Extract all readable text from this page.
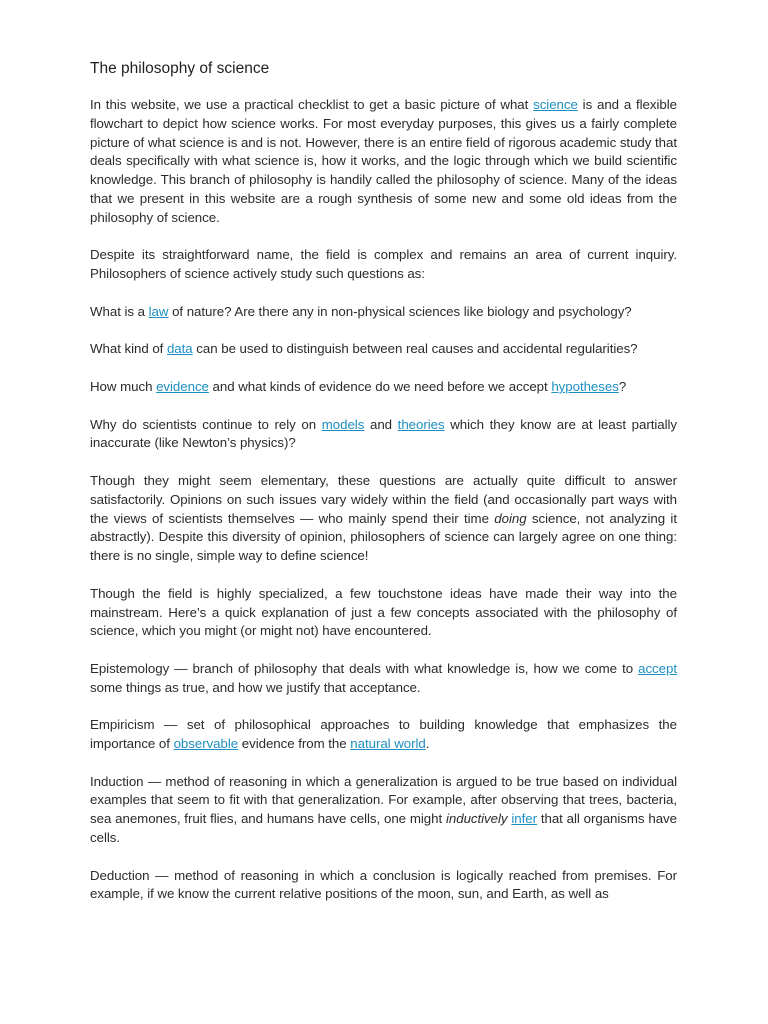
The philosophy of science

In this website, we use a practical checklist to get a basic picture of what science is and a flexible flowchart to depict how science works. For most everyday purposes, this gives us a fairly complete picture of what science is and is not. However, there is an entire field of rigorous academic study that deals specifically with what science is, how it works, and the logic through which we build scientific knowledge. This branch of philosophy is handily called the philosophy of science. Many of the ideas that we present in this website are a rough synthesis of some new and some old ideas from the philosophy of science.

Despite its straightforward name, the field is complex and remains an area of current inquiry. Philosophers of science actively study such questions as:

What is a law of nature? Are there any in non-physical sciences like biology and psychology?

What kind of data can be used to distinguish between real causes and accidental regularities?

How much evidence and what kinds of evidence do we need before we accept hypotheses?

Why do scientists continue to rely on models and theories which they know are at least partially inaccurate (like Newton’s physics)?

Though they might seem elementary, these questions are actually quite difficult to answer satisfactorily. Opinions on such issues vary widely within the field (and occasionally part ways with the views of scientists themselves — who mainly spend their time doing science, not analyzing it abstractly). Despite this diversity of opinion, philosophers of science can largely agree on one thing: there is no single, simple way to define science!

Though the field is highly specialized, a few touchstone ideas have made their way into the mainstream. Here’s a quick explanation of just a few concepts associated with the philosophy of science, which you might (or might not) have encountered.

Epistemology — branch of philosophy that deals with what knowledge is, how we come to accept some things as true, and how we justify that acceptance.

Empiricism — set of philosophical approaches to building knowledge that emphasizes the importance of observable evidence from the natural world.

Induction — method of reasoning in which a generalization is argued to be true based on individual examples that seem to fit with that generalization. For example, after observing that trees, bacteria, sea anemones, fruit flies, and humans have cells, one might inductively infer that all organisms have cells.

Deduction — method of reasoning in which a conclusion is logically reached from premises. For example, if we know the current relative positions of the moon, sun, and Earth, as well as
